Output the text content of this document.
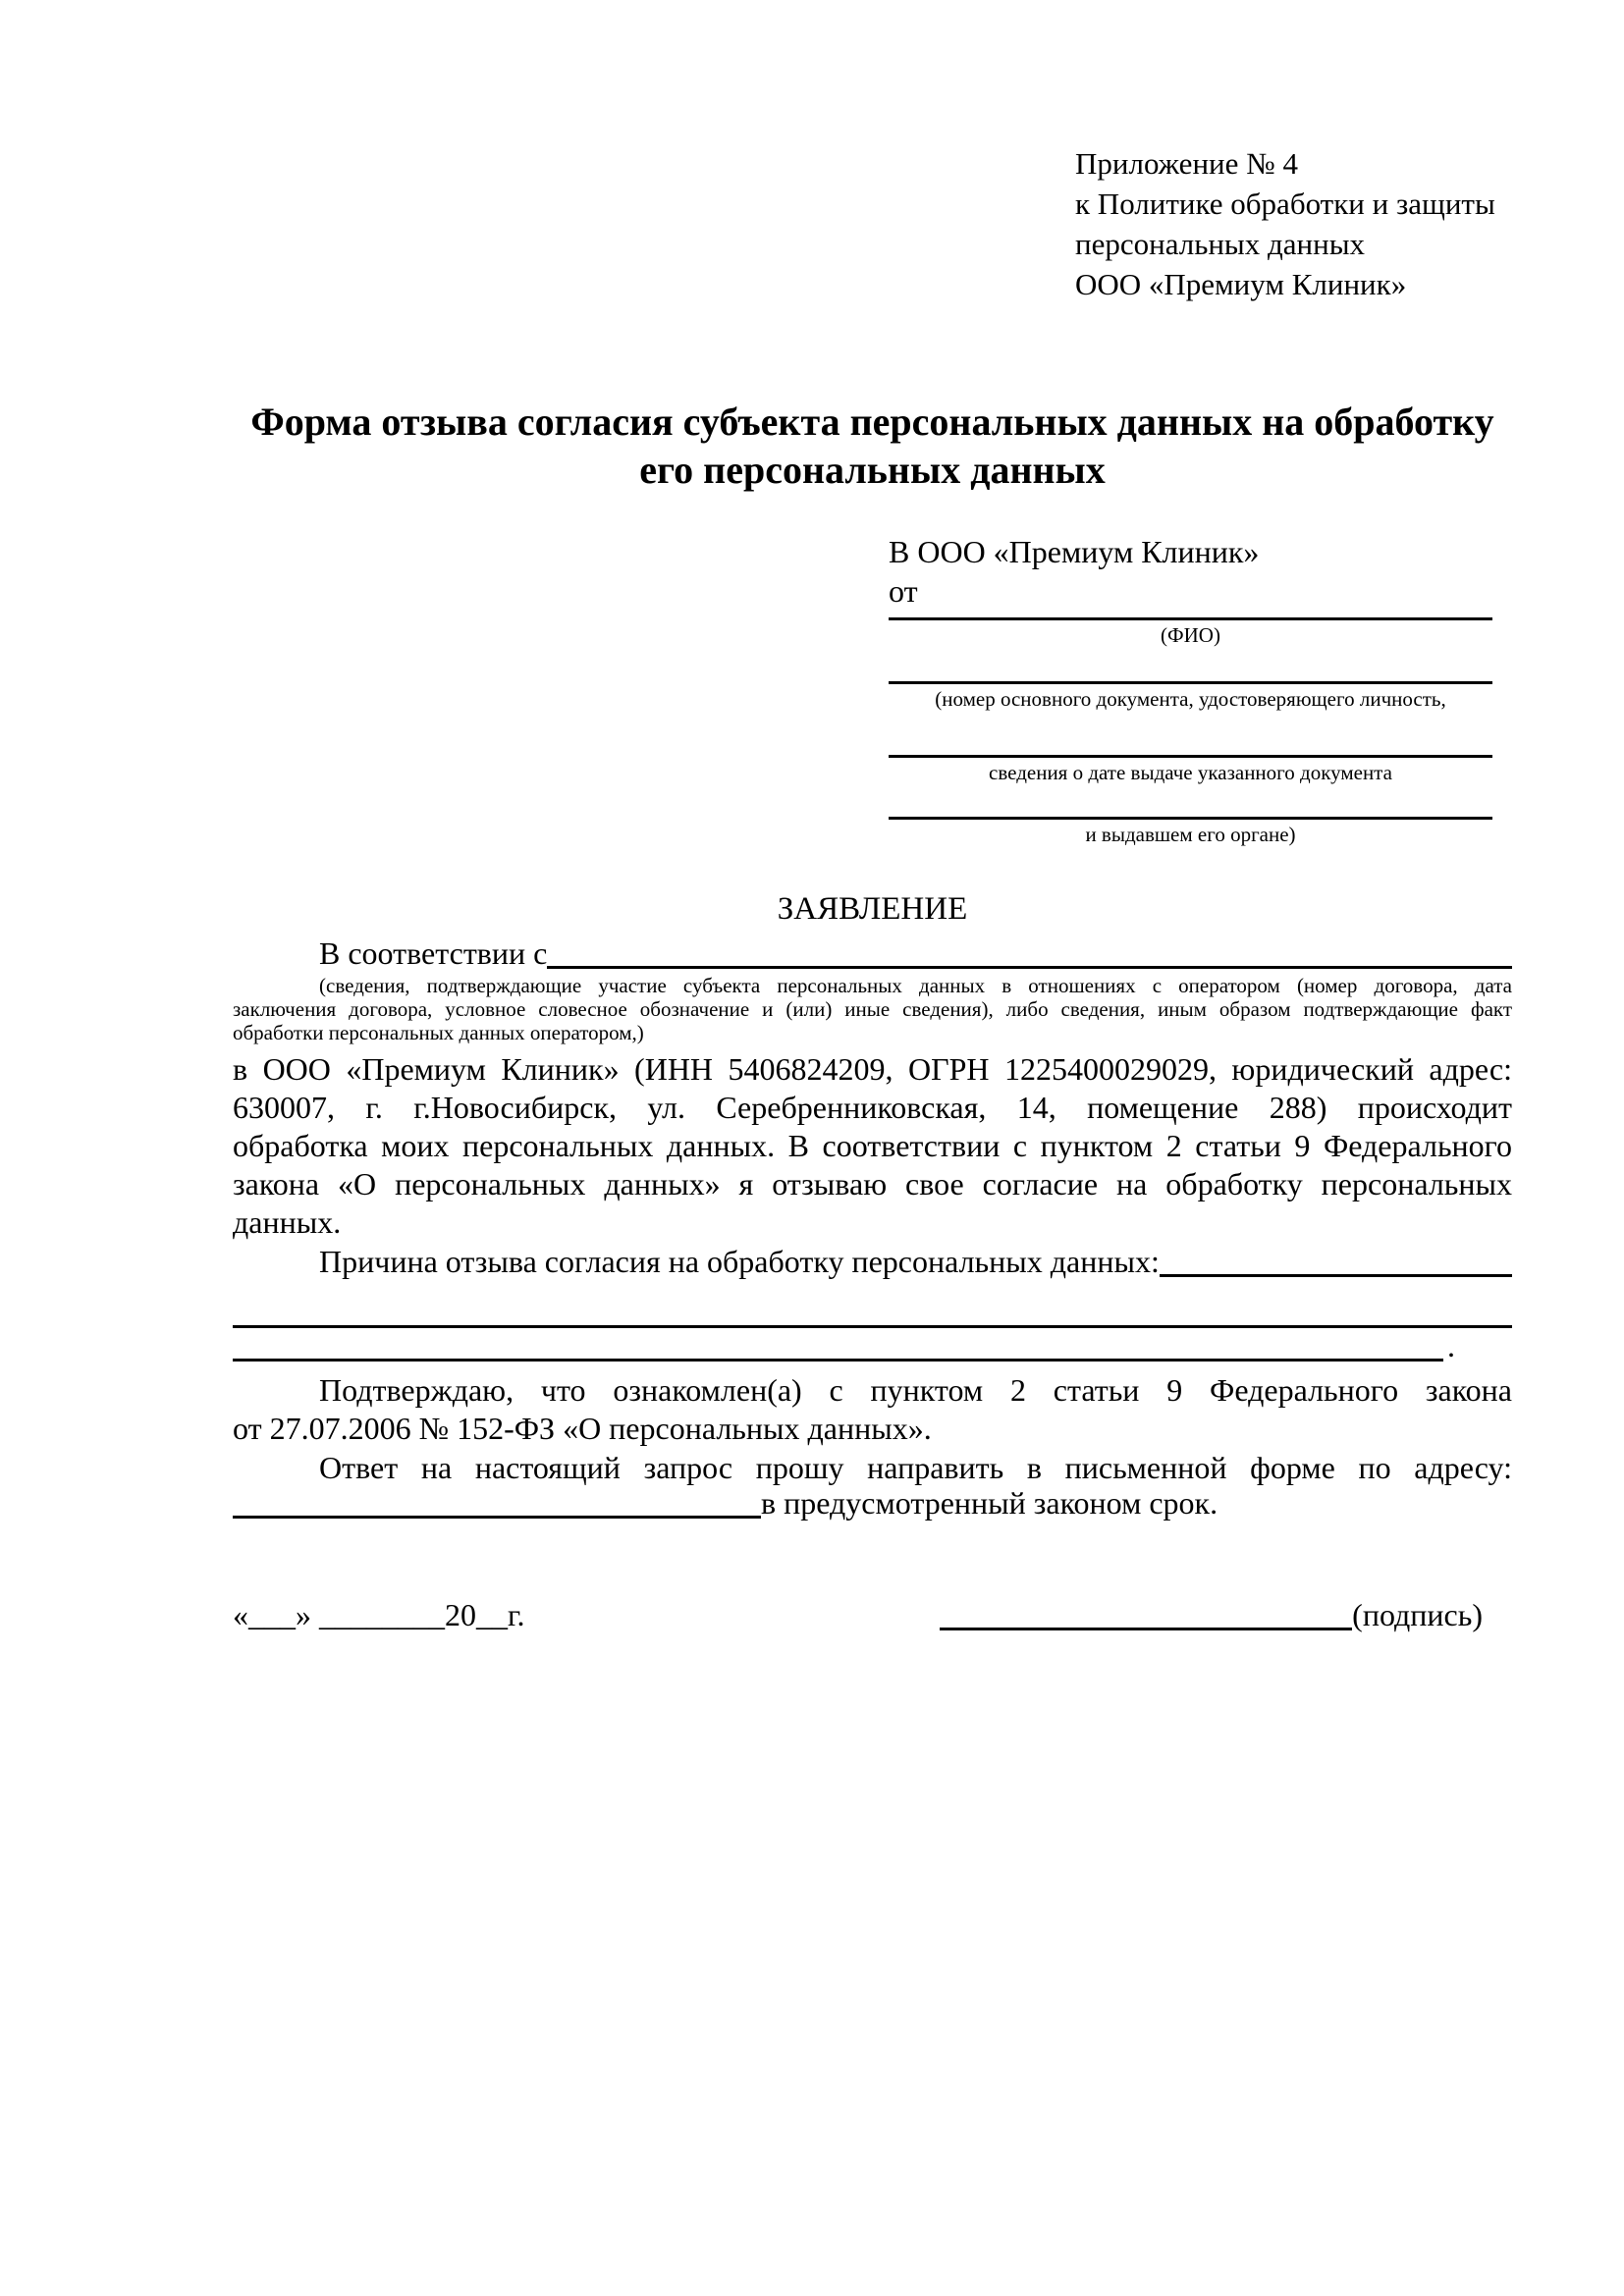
Приложение № 4
к Политике обработки и защиты
персональных данных
ООО «Премиум Клиник»
Форма отзыва согласия субъекта персональных данных на обработку его персональных данных
В ООО «Премиум Клиник»
от
(ФИО)
(номер основного документа, удостоверяющего личность,
сведения о дате выдаче указанного документа
и выдавшем его органе)
ЗАЯВЛЕНИЕ
В соответствии с
(сведения, подтверждающие участие субъекта персональных данных в отношениях с оператором (номер договора, дата
заключения договора, условное словесное обозначение и (или) иные сведения), либо сведения, иным образом подтверждающие факт
обработки персональных данных оператором,)
в ООО «Премиум Клиник» (ИНН 5406824209, ОГРН 1225400029029, юридический адрес:
630007, г. г.Новосибирск, ул. Серебренниковская, 14, помещение 288) происходит
обработка моих персональных данных. В соответствии с пунктом 2 статьи 9 Федерального
закона «О персональных данных» я отзываю свое согласие на обработку персональных
данных.
Причина отзыва согласия на обработку персональных данных:
.
Подтверждаю, что ознакомлен(а) с пунктом 2 статьи 9 Федерального закона
от 27.07.2006 № 152-ФЗ «О персональных данных».
Ответ на настоящий запрос прошу направить в письменной форме по адресу:
в предусмотренный законом срок.
«___» ________20__г.	(подпись)
